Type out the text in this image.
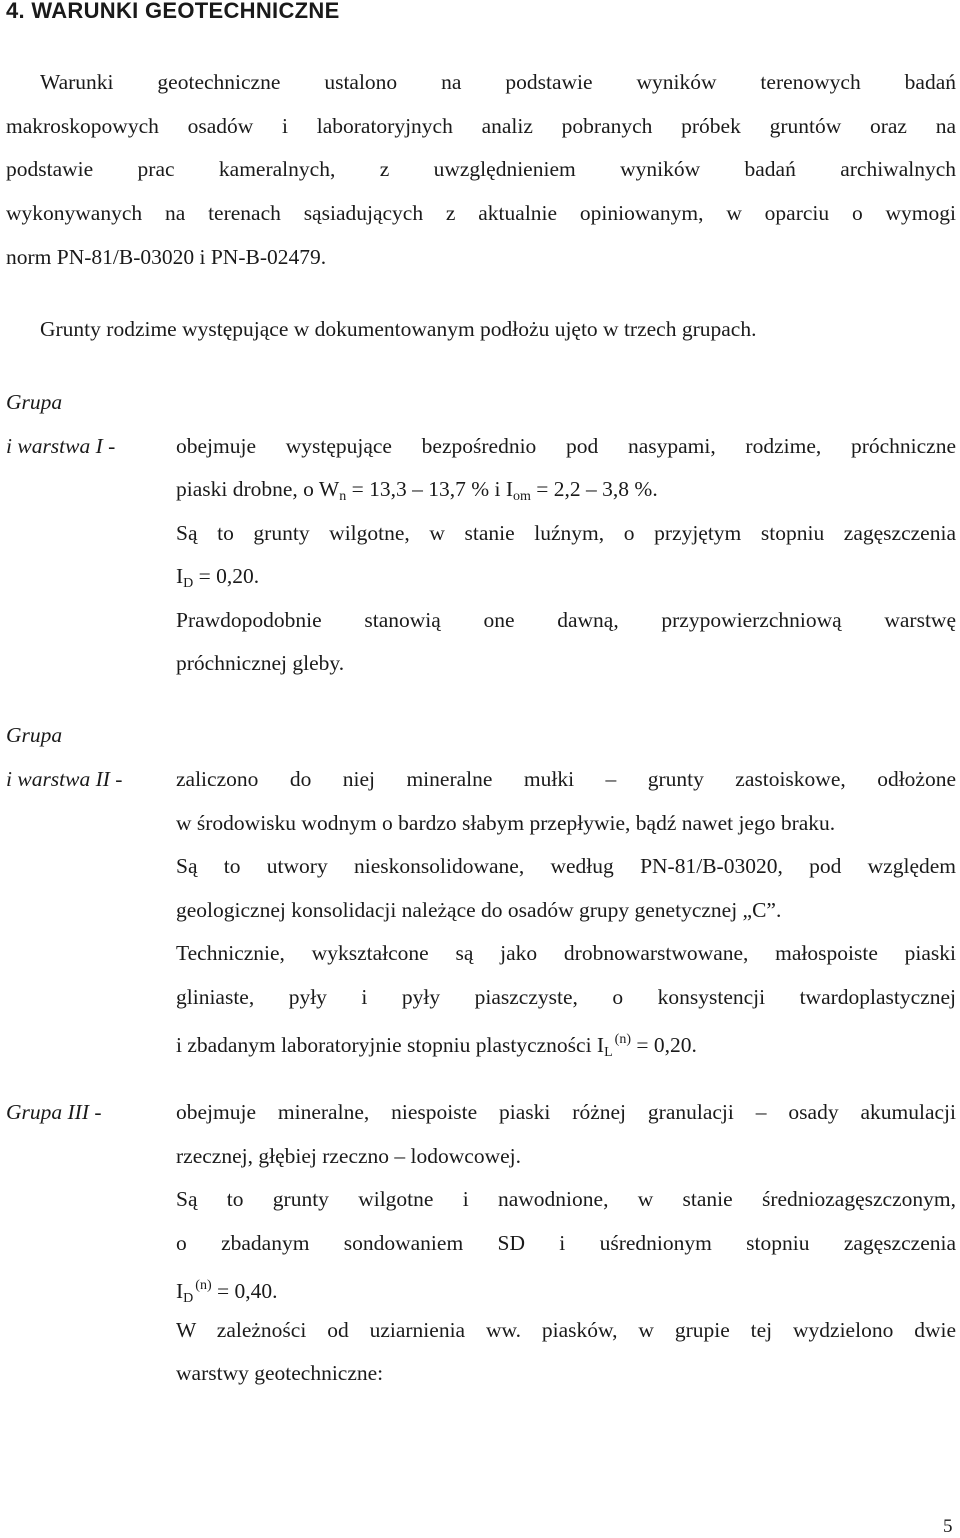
4. WARUNKI GEOTECHNICZNE
Warunki geotechniczne ustalono na podstawie wyników terenowych badań
makroskopowych osadów i laboratoryjnych analiz pobranych próbek gruntów oraz na
podstawie prac kameralnych, z uwzględnieniem wyników badań archiwalnych
wykonywanych na terenach sąsiadujących z aktualnie opiniowanym, w oparciu o wymogi
norm PN-81/B-03020 i PN-B-02479.
Grunty rodzime występujące w dokumentowanym podłożu ujęto w trzech grupach.
Grupa
i warstwa I -	obejmuje występujące bezpośrednio pod nasypami, rodzime, próchniczne
piaski drobne, o $W_n = 13,3 - 13,7$ % i $I_{om} = 2,2 - 3,8$ %.
Są to grunty wilgotne, w stanie luźnym, o przyjętym stopniu zagęszczenia
$I_D = 0,20$.
Prawdopodobnie stanowią one dawną, przypowierzchniową warstwę
próchnicznej gleby.
Grupa
i warstwa II - zaliczono do niej mineralne mułki – grunty zastoiskowe, odłożone
w środowisku wodnym o bardzo słabym przepływie, bądź nawet jego braku.
Są to utwory nieskonsolidowane, według PN-81/B-03020, pod względem
geologicznej konsolidacji należące do osadów grupy genetycznej „C”.
Technicznie, wykształcone są jako drobnowarstwowane, małospoiste piaski
gliniaste, pyły i pyły piaszczyste, o konsystencji twardoplastycznej
i zbadanym laboratoryjnie stopniu plastyczności $I_L^{(n)} = 0,20$.
Grupa III -	obejmuje mineralne, niespoiste piaski różnej granulacji – osady akumulacji
rzecznej, głębiej rzeczno – lodowcowej.
Są to grunty wilgotne i nawodnione, w stanie średniozagęszczonym,
o zbadanym sondowaniem SD i uśrednionym stopniu zagęszczenia
$I_D^{(n)} = 0,40$.
W zależności od uziarnienia ww. piasków, w grupie tej wydzielono dwie
warstwy geotechniczne:
5
